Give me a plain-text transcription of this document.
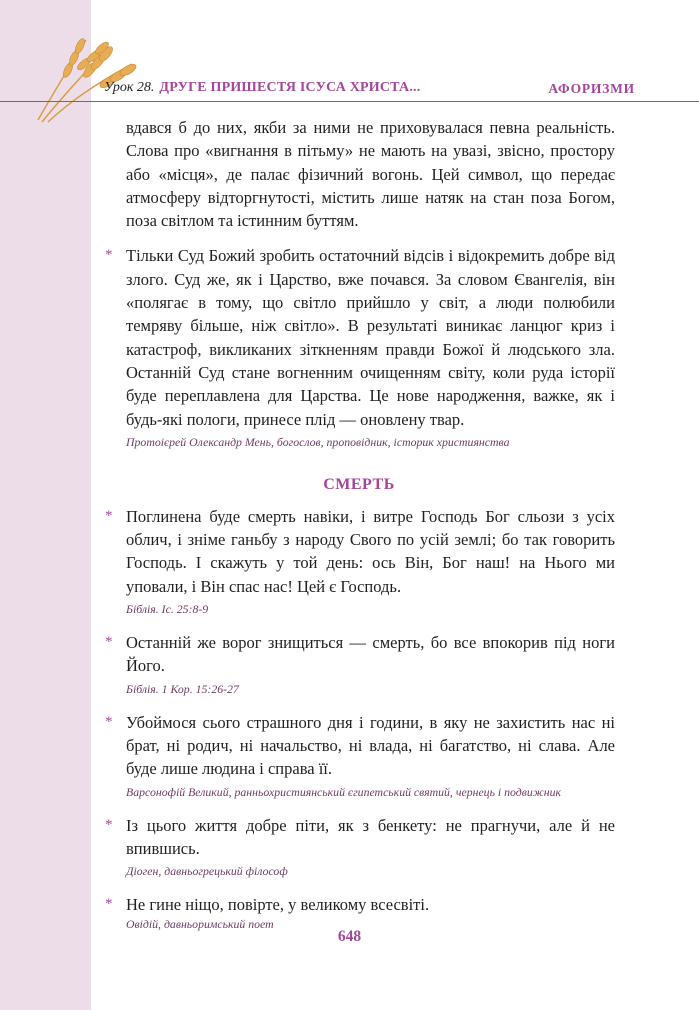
Урок 28. ДРУГЕ ПРИШЕСТЯ ІСУСА ХРИСТА...	АФОРИЗМИ

вдався б до них, якби за ними не приховувалася певна реальність. Слова про «вигнання в пітьму» не мають на увазі, звісно, простору або «місця», де палає фізичний вогонь. Цей символ, що передає атмосферу відторгнутості, містить лише натяк на стан поза Богом, поза світлом та істинним буттям.

* Тільки Суд Божий зробить остаточний відсів і відокремить добре від злого. Суд же, як і Царство, вже почався. За словом Євангелія, він «полягає в тому, що світло прийшло у світ, а люди полюбили темряву більше, ніж світло». В результаті виникає ланцюг криз і катастроф, викликаних зіткненням правди Божої й людського зла. Останній Суд стане вогненним очищенням світу, коли руда історії буде переплавлена для Царства. Це нове народження, важке, як і будь-які пологи, принесе плід — оновлену твар.

Протоієрей Олександр Мень, богослов, проповідник, історик християнства

СМЕРТЬ
* Поглинена буде смерть навіки, і витре Господь Бог сльози з усіх облич, і зніме ганьбу з народу Свого по усій землі; бо так говорить Господь. І скажуть у той день: ось Він, Бог наш! на Нього ми уповали, і Він спас нас! Цей є Господь.

Біблія. Іс. 25:8-9

* Останній же ворог знищиться — смерть, бо все впокорив під ноги Його.

Біблія. 1 Кор. 15:26-27

* Убоймося сього страшного дня і години, в яку не захистить нас ні брат, ні родич, ні начальство, ні влада, ні багатство, ні слава. Але буде лише людина і справа її.

Варсонофій Великий, ранньохристиянський єгипетський святий, чернець і подвижник

* Із цього життя добре піти, як з бенкету: не прагнучи, але й не впившись.

Діоген, давньогрецький філософ

* Не гине ніщо, повірте, у великому всесвіті.

Овідій, давньоримський поет

648
